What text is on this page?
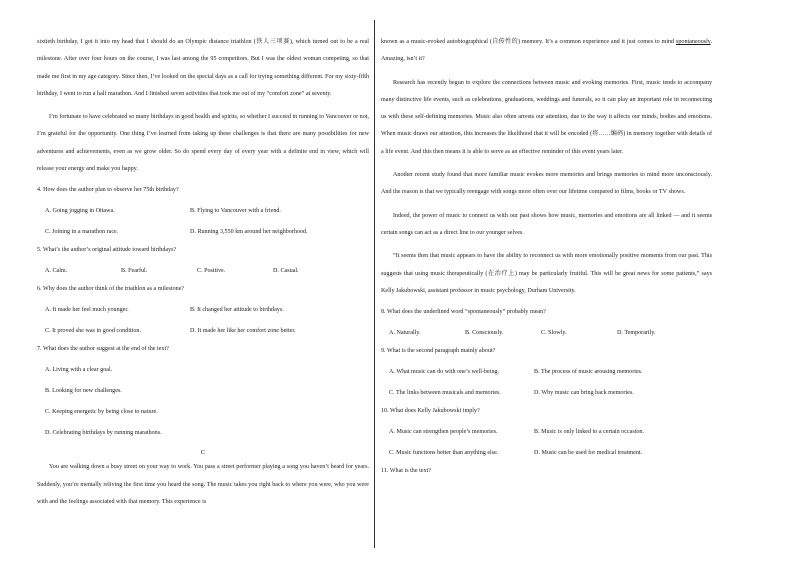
sixtieth birthday, I got it into my head that I should do an Olympic distance triathlon (铁人三项赛), which turned out to be a real milestone. After over four hours on the course, I was last among the 95 competitors. But I was the oldest woman competing, so that made me first in my age category. Since then, I’ve looked on the special days as a call for trying something different. For my sixty-fifth birthday, I went to run a half marathon. And I finished seven activities that took me out of my “comfort zone” at seventy.

I’m fortunate to have celebrated so many birthdays in good health and spirits, so whether I succeed in running to Vancouver or not, I’m grateful for the opportunity. One thing I’ve learned from taking up these challenges is that there are many possibilities for new adventures and achievements, even as we grow older. So do spend every day of every year with a definite end in view, which will release your energy and make you happy.

4. How does the author plan to observe her 75th birthday?
A. Going jogging in Ottawa.	B. Flying to Vancouver with a friend.
C. Joining in a marathon race.	D. Running 3,550 km around her neighborhood.
5. What’s the author’s original attitude toward birthdays?
A. Calm.	B. Fearful.	C. Positive.	D. Casual.
6. Why does the author think of the triathlon as a milestone?
A. It made her feel much younger.	B. It changed her attitude to birthdays.
C. It proved she was in good condition.	D. It made her like her comfort zone better.
7. What does the author suggest at the end of the text?
A. Living with a clear goal.
B. Looking for new challenges.
C. Keeping energetic by being close to nature.
D. Celebrating birthdays by running marathons.
C

You are walking down a busy street on your way to work. You pass a street performer playing a song you haven’t heard for years. Suddenly, you’re mentally reliving the first time you heard the song. The music takes you right back to where you were, who you were with and the feelings associated with that memory. This experience is

known as a music-evoked autobiographical (自传性的) memory. It’s a common experience and it just comes to mind spontaneously. Amazing, isn’t it?

Research has recently begun to explore the connections between music and evoking memories. First, music tends to accompany many distinctive life events, such as celebrations, graduations, weddings and funerals, so it can play an important role in reconnecting us with these self-defining memories. Music also often arrests our attention, due to the way it affects our minds, bodies and emotions. When music draws our attention, this increases the likelihood that it will be encoded (将……编码) in memory together with details of a life event. And this then means it is able to serve as an effective reminder of this event years later.

Another recent study found that more familiar music evokes more memories and brings memories to mind more unconsciously. And the reason is that we typically reengage with songs more often over our lifetime compared to films, books or TV shows.

Indeed, the power of music to connect us with our past shows how music, memories and emotions are all linked — and it seems certain songs can act as a direct line to our younger selves.

“It seems then that music appears to have the ability to reconnect us with more emotionally positive moments from our past. This suggests that using music therapeutically (在治疗上) may be particularly fruitful. This will be great news for some patients,” says Kelly Jakubowski, assistant professor in music psychology, Durham University.

8. What does the underlined word “spontaneously” probably mean?
A. Naturally.	B. Consciously.	C. Slowly.	D. Temporarily.
9. What is the second paragraph mainly about?
A. What music can do with one’s well-being.	B. The process of music arousing memories.
C. The links between musicals and memories.	D. Why music can bring back memories.
10. What does Kelly Jakubowski imply?
A. Music can strengthen people’s memories.	B. Music is only linked to a certain occasion.
C. Music functions better than anything else.	D. Music can be used for medical treatment.
11. What is the text?
